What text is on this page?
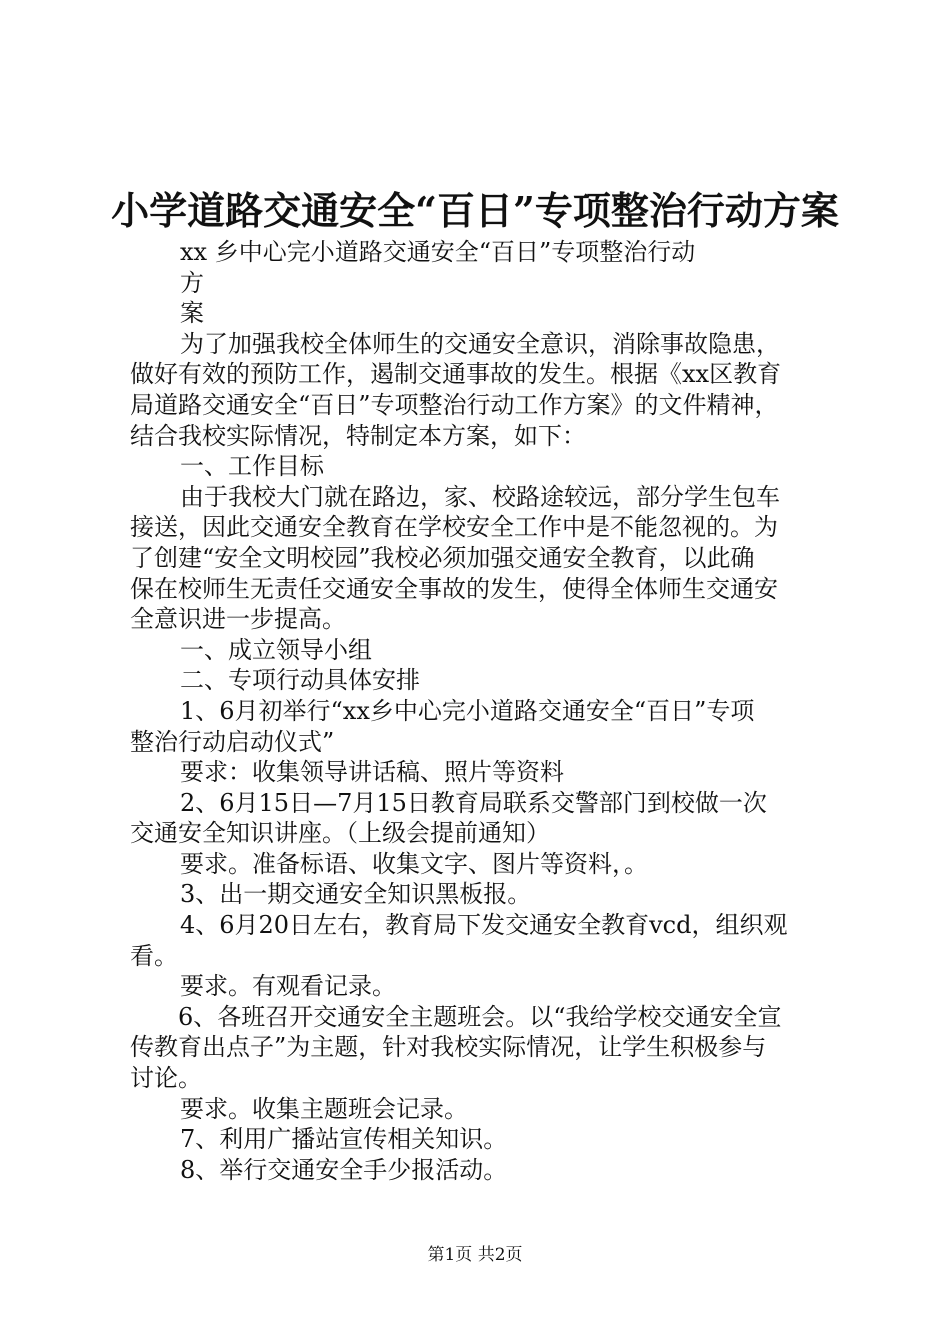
小学道路交通安全“百日”专项整治行动方案
xx 乡中心完小道路交通安全“百日”专项整治行动
方
案
为了加强我校全体师生的交通安全意识，消除事故隐患，
做好有效的预防工作，遏制交通事故的发生。根据《xx区教育
局道路交通安全“百日”专项整治行动工作方案》的文件精神，
结合我校实际情况，特制定本方案，如下：
一、工作目标
由于我校大门就在路边，家、校路途较远，部分学生包车
接送，因此交通安全教育在学校安全工作中是不能忽视的。为
了创建“安全文明校园”我校必须加强交通安全教育，以此确
保在校师生无责任交通安全事故的发生，使得全体师生交通安
全意识进一步提高。
一、成立领导小组
二、专项行动具体安排
1、6月初举行“xx乡中心完小道路交通安全“百日”专项
整治行动启动仪式”
要求：收集领导讲话稿、照片等资料
2、6月15日—7月15日教育局联系交警部门到校做一次
交通安全知识讲座。（上级会提前通知）
要求。准备标语、收集文字、图片等资料，。
3、出一期交通安全知识黑板报。
4、6月20日左右，教育局下发交通安全教育vcd，组织观
看。
要求。有观看记录。
6、各班召开交通安全主题班会。以“我给学校交通安全宣
传教育出点子”为主题，针对我校实际情况，让学生积极参与
讨论。
要求。收集主题班会记录。
7、利用广播站宣传相关知识。
8、举行交通安全手少报活动。
第1页 共2页
